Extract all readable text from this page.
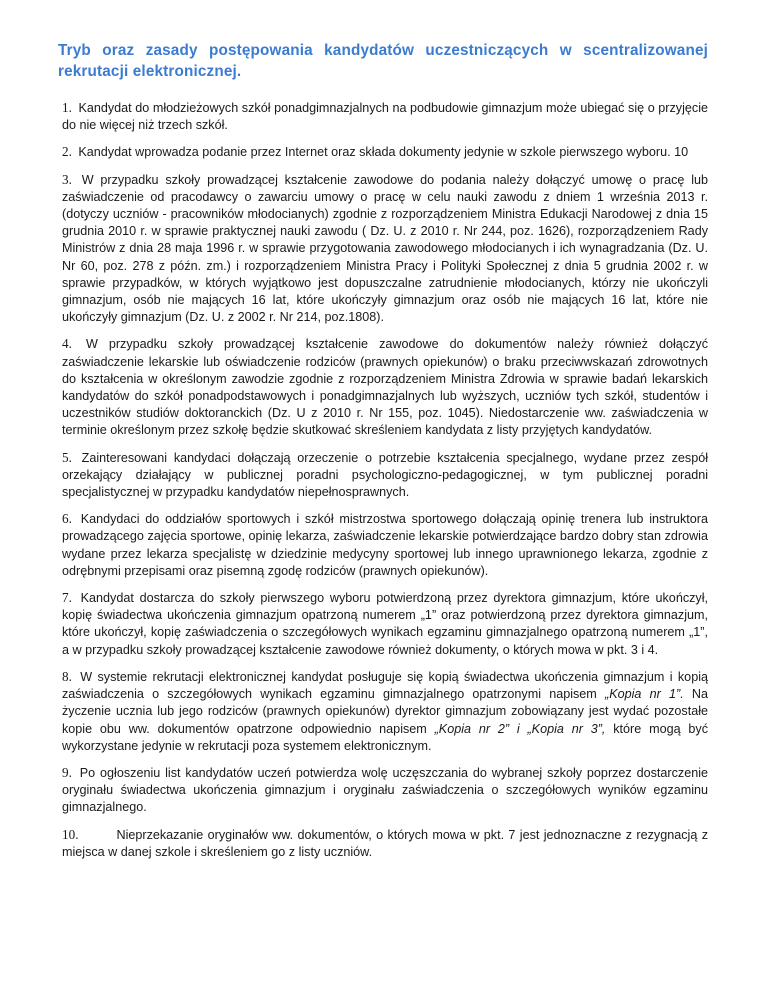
Tryb oraz zasady postępowania kandydatów uczestniczących w scentralizowanej rekrutacji elektronicznej.

1. Kandydat do młodzieżowych szkół ponadgimnazjalnych na podbudowie gimnazjum może ubiegać się o przyjęcie do nie więcej niż trzech szkół.

2. Kandydat wprowadza podanie przez Internet oraz składa dokumenty jedynie w szkole pierwszego wyboru. 10

3. W przypadku szkoły prowadzącej kształcenie zawodowe do podania należy dołączyć umowę o pracę lub zaświadczenie od pracodawcy o zawarciu umowy o pracę w celu nauki zawodu z dniem 1 września 2013 r. (dotyczy uczniów - pracowników młodocianych) zgodnie z rozporządzeniem Ministra Edukacji Narodowej z dnia 15 grudnia 2010 r. w sprawie praktycznej nauki zawodu ( Dz. U. z 2010 r. Nr 244, poz. 1626), rozporządzeniem Rady Ministrów z dnia 28 maja 1996 r. w sprawie przygotowania zawodowego młodocianych i ich wynagradzania (Dz. U. Nr 60, poz. 278 z późn. zm.) i rozporządzeniem Ministra Pracy i Polityki Społecznej z dnia 5 grudnia 2002 r. w sprawie przypadków, w których wyjątkowo jest dopuszczalne zatrudnienie młodocianych, którzy nie ukończyli gimnazjum, osób nie mających 16 lat, które ukończyły gimnazjum oraz osób nie mających 16 lat, które nie ukończyły gimnazjum (Dz. U. z 2002 r. Nr 214, poz.1808).

4. W przypadku szkoły prowadzącej kształcenie zawodowe do dokumentów należy również dołączyć zaświadczenie lekarskie lub oświadczenie rodziców (prawnych opiekunów) o braku przeciwwskazań zdrowotnych do kształcenia w określonym zawodzie zgodnie z rozporządzeniem Ministra Zdrowia w sprawie badań lekarskich kandydatów do szkół ponadpodstawowych i ponadgimnazjalnych lub wyższych, uczniów tych szkół, studentów i uczestników studiów doktoranckich (Dz. U z 2010 r. Nr 155, poz. 1045). Niedostarczenie ww. zaświadczenia w terminie określonym przez szkołę będzie skutkować skreśleniem kandydata z listy przyjętych kandydatów.

5. Zainteresowani kandydaci dołączają orzeczenie o potrzebie kształcenia specjalnego, wydane przez zespół orzekający działający w publicznej poradni psychologiczno-pedagogicznej, w tym publicznej poradni specjalistycznej w przypadku kandydatów niepełnosprawnych.

6. Kandydaci do oddziałów sportowych i szkół mistrzostwa sportowego dołączają opinię trenera lub instruktora prowadzącego zajęcia sportowe, opinię lekarza, zaświadczenie lekarskie potwierdzające bardzo dobry stan zdrowia wydane przez lekarza specjalistę w dziedzinie medycyny sportowej lub innego uprawnionego lekarza, zgodnie z odrębnymi przepisami oraz pisemną zgodę rodziców (prawnych opiekunów).

7. Kandydat dostarcza do szkoły pierwszego wyboru potwierdzoną przez dyrektora gimnazjum, które ukończył, kopię świadectwa ukończenia gimnazjum opatrzoną numerem „1” oraz potwierdzoną przez dyrektora gimnazjum, które ukończył, kopię zaświadczenia o szczegółowych wynikach egzaminu gimnazjalnego opatrzoną numerem „1”, a w przypadku szkoły prowadzącej kształcenie zawodowe również dokumenty, o których mowa w pkt. 3 i 4.

8. W systemie rekrutacji elektronicznej kandydat posługuje się kopią świadectwa ukończenia gimnazjum i kopią zaświadczenia o szczegółowych wynikach egzaminu gimnazjalnego opatrzonymi napisem „Kopia nr 1”. Na życzenie ucznia lub jego rodziców (prawnych opiekunów) dyrektor gimnazjum zobowiązany jest wydać pozostałe kopie obu ww. dokumentów opatrzone odpowiednio napisem „Kopia nr 2” i „Kopia nr 3”, które mogą być wykorzystane jedynie w rekrutacji poza systemem elektronicznym.

9. Po ogłoszeniu list kandydatów uczeń potwierdza wolę uczęszczania do wybranej szkoły poprzez dostarczenie oryginału świadectwa ukończenia gimnazjum i oryginału zaświadczenia o szczegółowych wyników egzaminu gimnazjalnego.

10.	Nieprzekazanie oryginałów ww. dokumentów, o których mowa w pkt. 7 jest jednoznaczne z rezygnacją z miejsca w danej szkole i skreśleniem go z listy uczniów.
